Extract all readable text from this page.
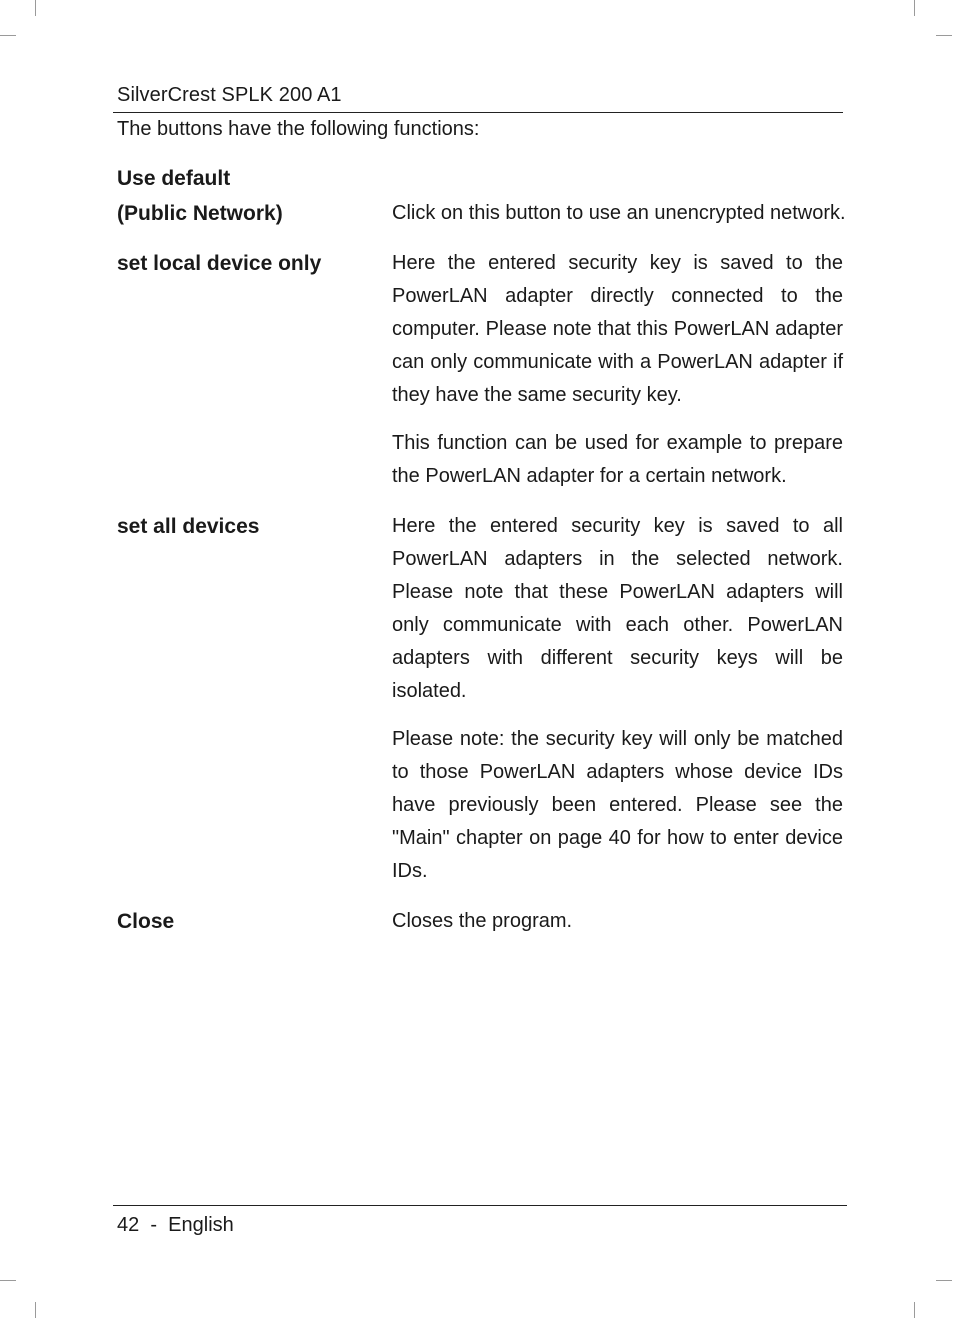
SilverCrest SPLK 200 A1
The buttons have the following functions:
Use default
(Public Network)	Click on this button to use an unencrypted network.

set local device only	Here the entered security key is saved to the PowerLAN adapter directly connected to the computer. Please note that this PowerLAN adapter can only communicate with a PowerLAN adapter if they have the same security key.

This function can be used for example to prepare the PowerLAN adapter for a certain network.

set all devices	Here the entered security key is saved to all PowerLAN adapters in the selected network. Please note that these PowerLAN adapters will only communicate with each other. PowerLAN adapters with different security keys will be isolated.

Please note: the security key will only be matched to those PowerLAN adapters whose device IDs have previously been entered. Please see the "Main" chapter on page 40 for how to enter device IDs.

Close	Closes the program.

42 - English
